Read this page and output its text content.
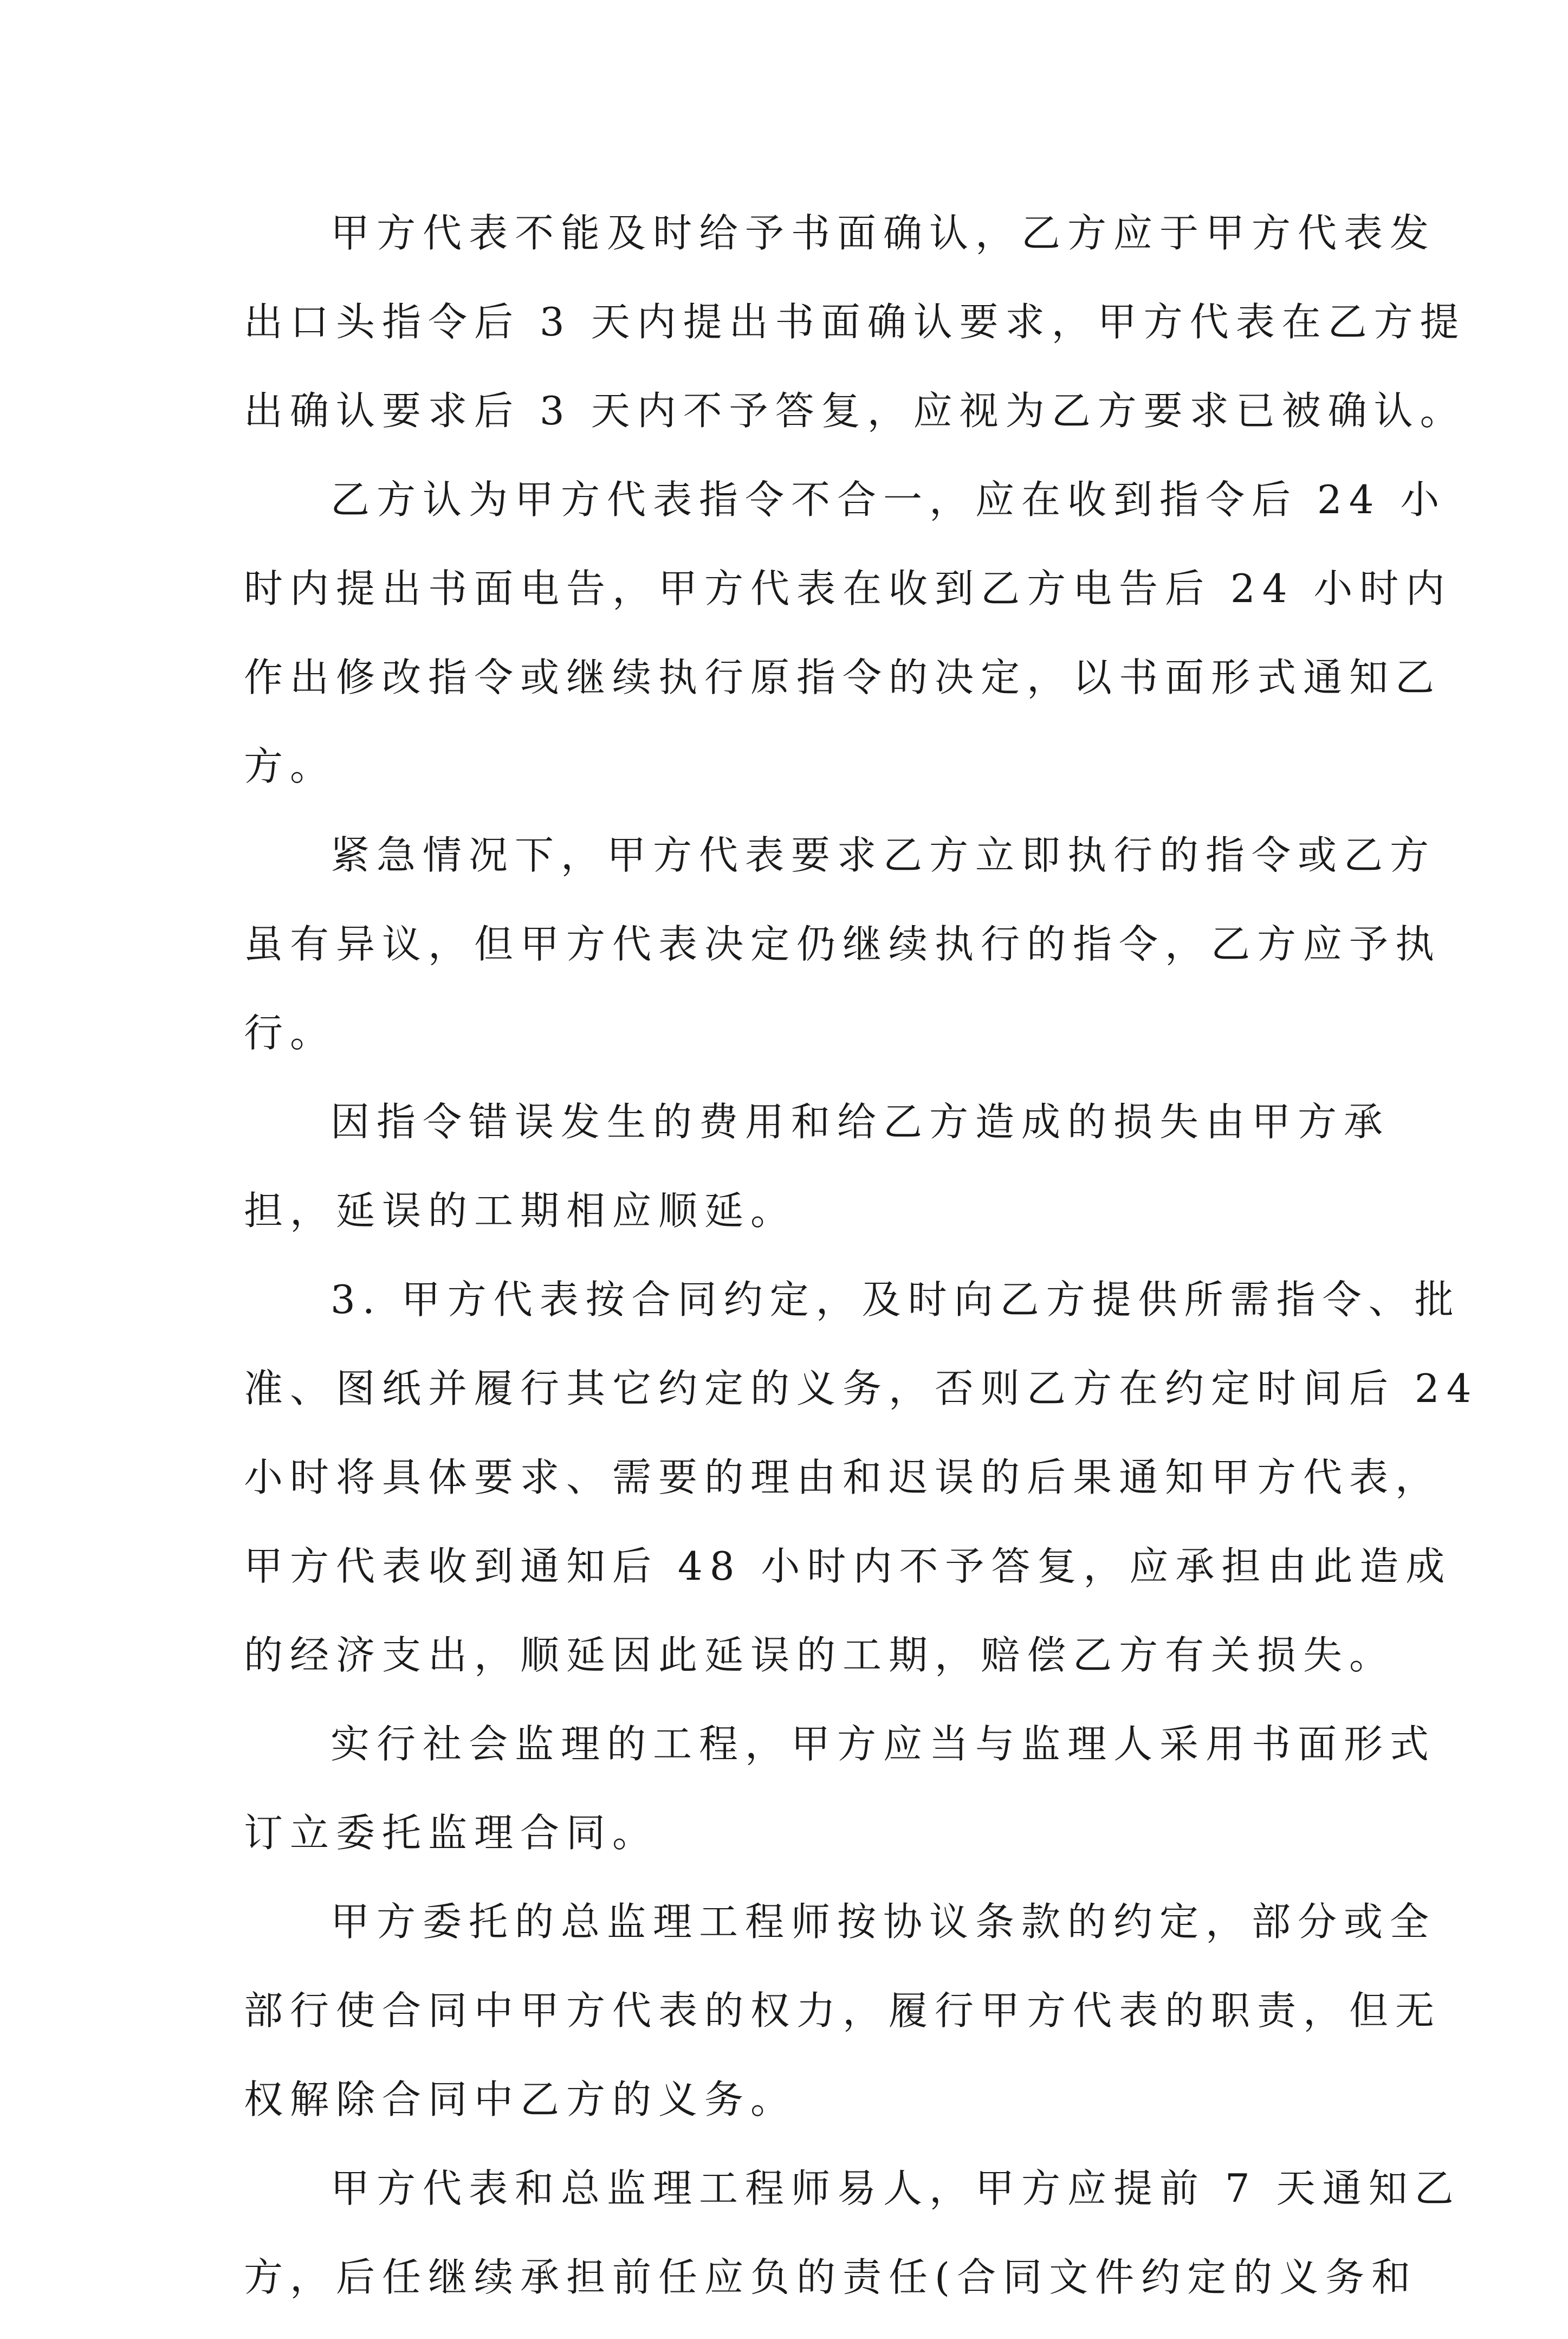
甲方代表不能及时给予书面确认，乙方应于甲方代表发
出口头指令后 3 天内提出书面确认要求，甲方代表在乙方提
出确认要求后 3 天内不予答复，应视为乙方要求已被确认。
乙方认为甲方代表指令不合一，应在收到指令后 24 小
时内提出书面电告，甲方代表在收到乙方电告后 24 小时内
作出修改指令或继续执行原指令的决定，以书面形式通知乙
方。
紧急情况下，甲方代表要求乙方立即执行的指令或乙方
虽有异议，但甲方代表决定仍继续执行的指令，乙方应予执
行。
因指令错误发生的费用和给乙方造成的损失由甲方承
担，延误的工期相应顺延。
3. 甲方代表按合同约定，及时向乙方提供所需指令、批
准、图纸并履行其它约定的义务，否则乙方在约定时间后 24
小时将具体要求、需要的理由和迟误的后果通知甲方代表，
甲方代表收到通知后 48 小时内不予答复，应承担由此造成
的经济支出，顺延因此延误的工期，赔偿乙方有关损失。
实行社会监理的工程，甲方应当与监理人采用书面形式
订立委托监理合同。
甲方委托的总监理工程师按协议条款的约定，部分或全
部行使合同中甲方代表的权力，履行甲方代表的职责，但无
权解除合同中乙方的义务。
甲方代表和总监理工程师易人，甲方应提前 7 天通知乙
方，后任继续承担前任应负的责任(合同文件约定的义务和
